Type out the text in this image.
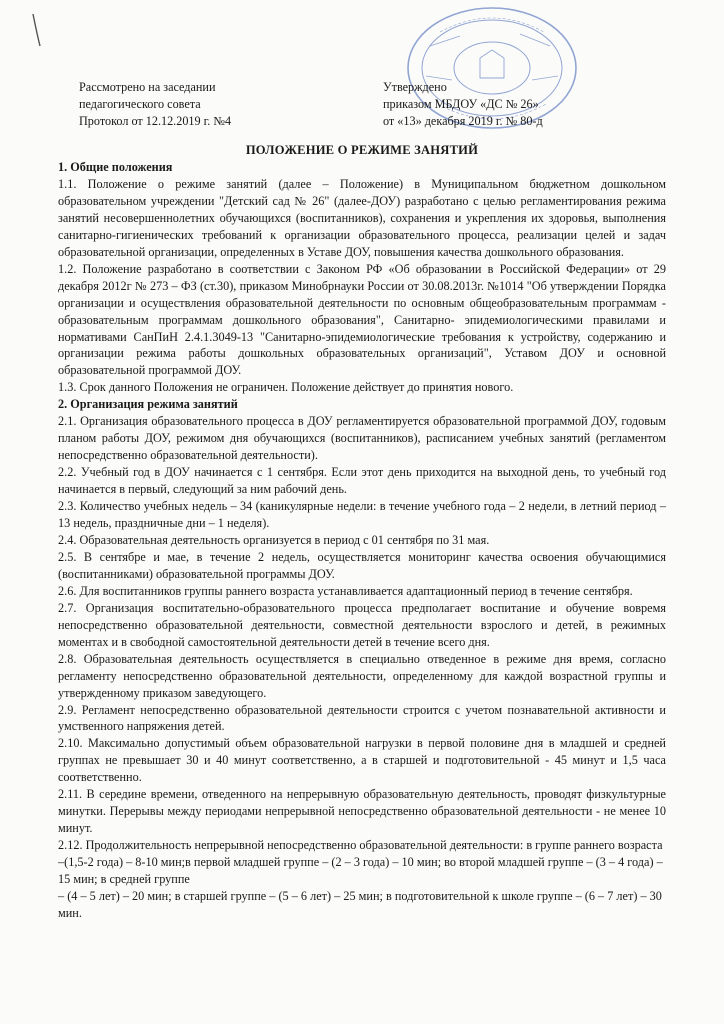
Рассмотрено на заседании
педагогического совета
Протокол от 12.12.2019 г. №4
Утверждено
приказом МБДОУ «ДС № 26»
от «13» декабря 2019 г. № 80-д
ПОЛОЖЕНИЕ О РЕЖИМЕ ЗАНЯТИЙ

1. Общие положения

1.1. Положение о режиме занятий (далее – Положение) в Муниципальном бюджетном дошкольном образовательном учреждении "Детский сад № 26" (далее-ДОУ) разработано с целью регламентирования режима занятий несовершеннолетних обучающихся (воспитанников), сохранения и укрепления их здоровья, выполнения санитарно-гигиенических требований к организации образовательного процесса, реализации целей и задач образовательной организации, определенных в Уставе ДОУ, повышения качества дошкольного образования.

1.2. Положение разработано в соответствии с Законом РФ «Об образовании в Российской Федерации» от 29 декабря 2012г № 273 – ФЗ (ст.30), приказом Минобрнауки России от 30.08.2013г. №1014 "Об утверждении Порядка организации и осуществления образовательной деятельности по основным общеобразовательным программам - образовательным программам дошкольного образования", Санитарно- эпидемиологическими правилами и нормативами СанПиН 2.4.1.3049-13 "Санитарно-эпидемиологические требования к устройству, содержанию и организации режима работы дошкольных образовательных организаций", Уставом ДОУ и основной образовательной программой ДОУ.

1.3. Срок данного Положения не ограничен. Положение действует до принятия нового.

2. Организация режима занятий

2.1. Организация образовательного процесса в ДОУ регламентируется образовательной программой ДОУ, годовым планом работы ДОУ, режимом дня обучающихся (воспитанников), расписанием учебных занятий (регламентом непосредственно образовательной деятельности).

2.2. Учебный год в ДОУ начинается с 1 сентября. Если этот день приходится на выходной день, то учебный год начинается в первый, следующий за ним рабочий день.

2.3. Количество учебных недель – 34 (каникулярные недели: в течение учебного года – 2 недели, в летний период – 13 недель, праздничные дни – 1 неделя).

2.4. Образовательная деятельность организуется в период с 01 сентября по 31 мая.

2.5. В сентябре и мае, в течение 2 недель, осуществляется мониторинг качества освоения обучающимися (воспитанниками) образовательной программы ДОУ.

2.6. Для воспитанников группы раннего возраста устанавливается адаптационный период в течение сентября.

2.7. Организация воспитательно-образовательного процесса предполагает воспитание и обучение вовремя непосредственно образовательной деятельности, совместной деятельности взрослого и детей, в режимных моментах и в свободной самостоятельной деятельности детей в течение всего дня.

2.8. Образовательная деятельность осуществляется в специально отведенное в режиме дня время, согласно регламенту непосредственно образовательной деятельности, определенному для каждой возрастной группы и утвержденному приказом заведующего.

2.9. Регламент непосредственно образовательной деятельности строится с учетом познавательной активности и умственного напряжения детей.

2.10. Максимально допустимый объем образовательной нагрузки в первой половине дня в младшей и средней группах не превышает 30 и 40 минут соответственно, а в старшей и подготовительной - 45 минут и 1,5 часа соответственно.

2.11. В середине времени, отведенного на непрерывную образовательную деятельность, проводят физкультурные минутки. Перерывы между периодами непрерывной непосредственно образовательной деятельности - не менее 10 минут.

2.12. Продолжительность непрерывной непосредственно образовательной деятельности: в группе раннего возраста –(1,5-2 года) – 8-10 мин;в первой младшей группе – (2 – 3 года) – 10 мин; во второй младшей группе – (3 – 4 года) – 15 мин; в средней группе

– (4 – 5 лет) – 20 мин; в старшей группе – (5 – 6 лет) – 25 мин; в подготовительной к школе группе – (6 – 7 лет) – 30 мин.
